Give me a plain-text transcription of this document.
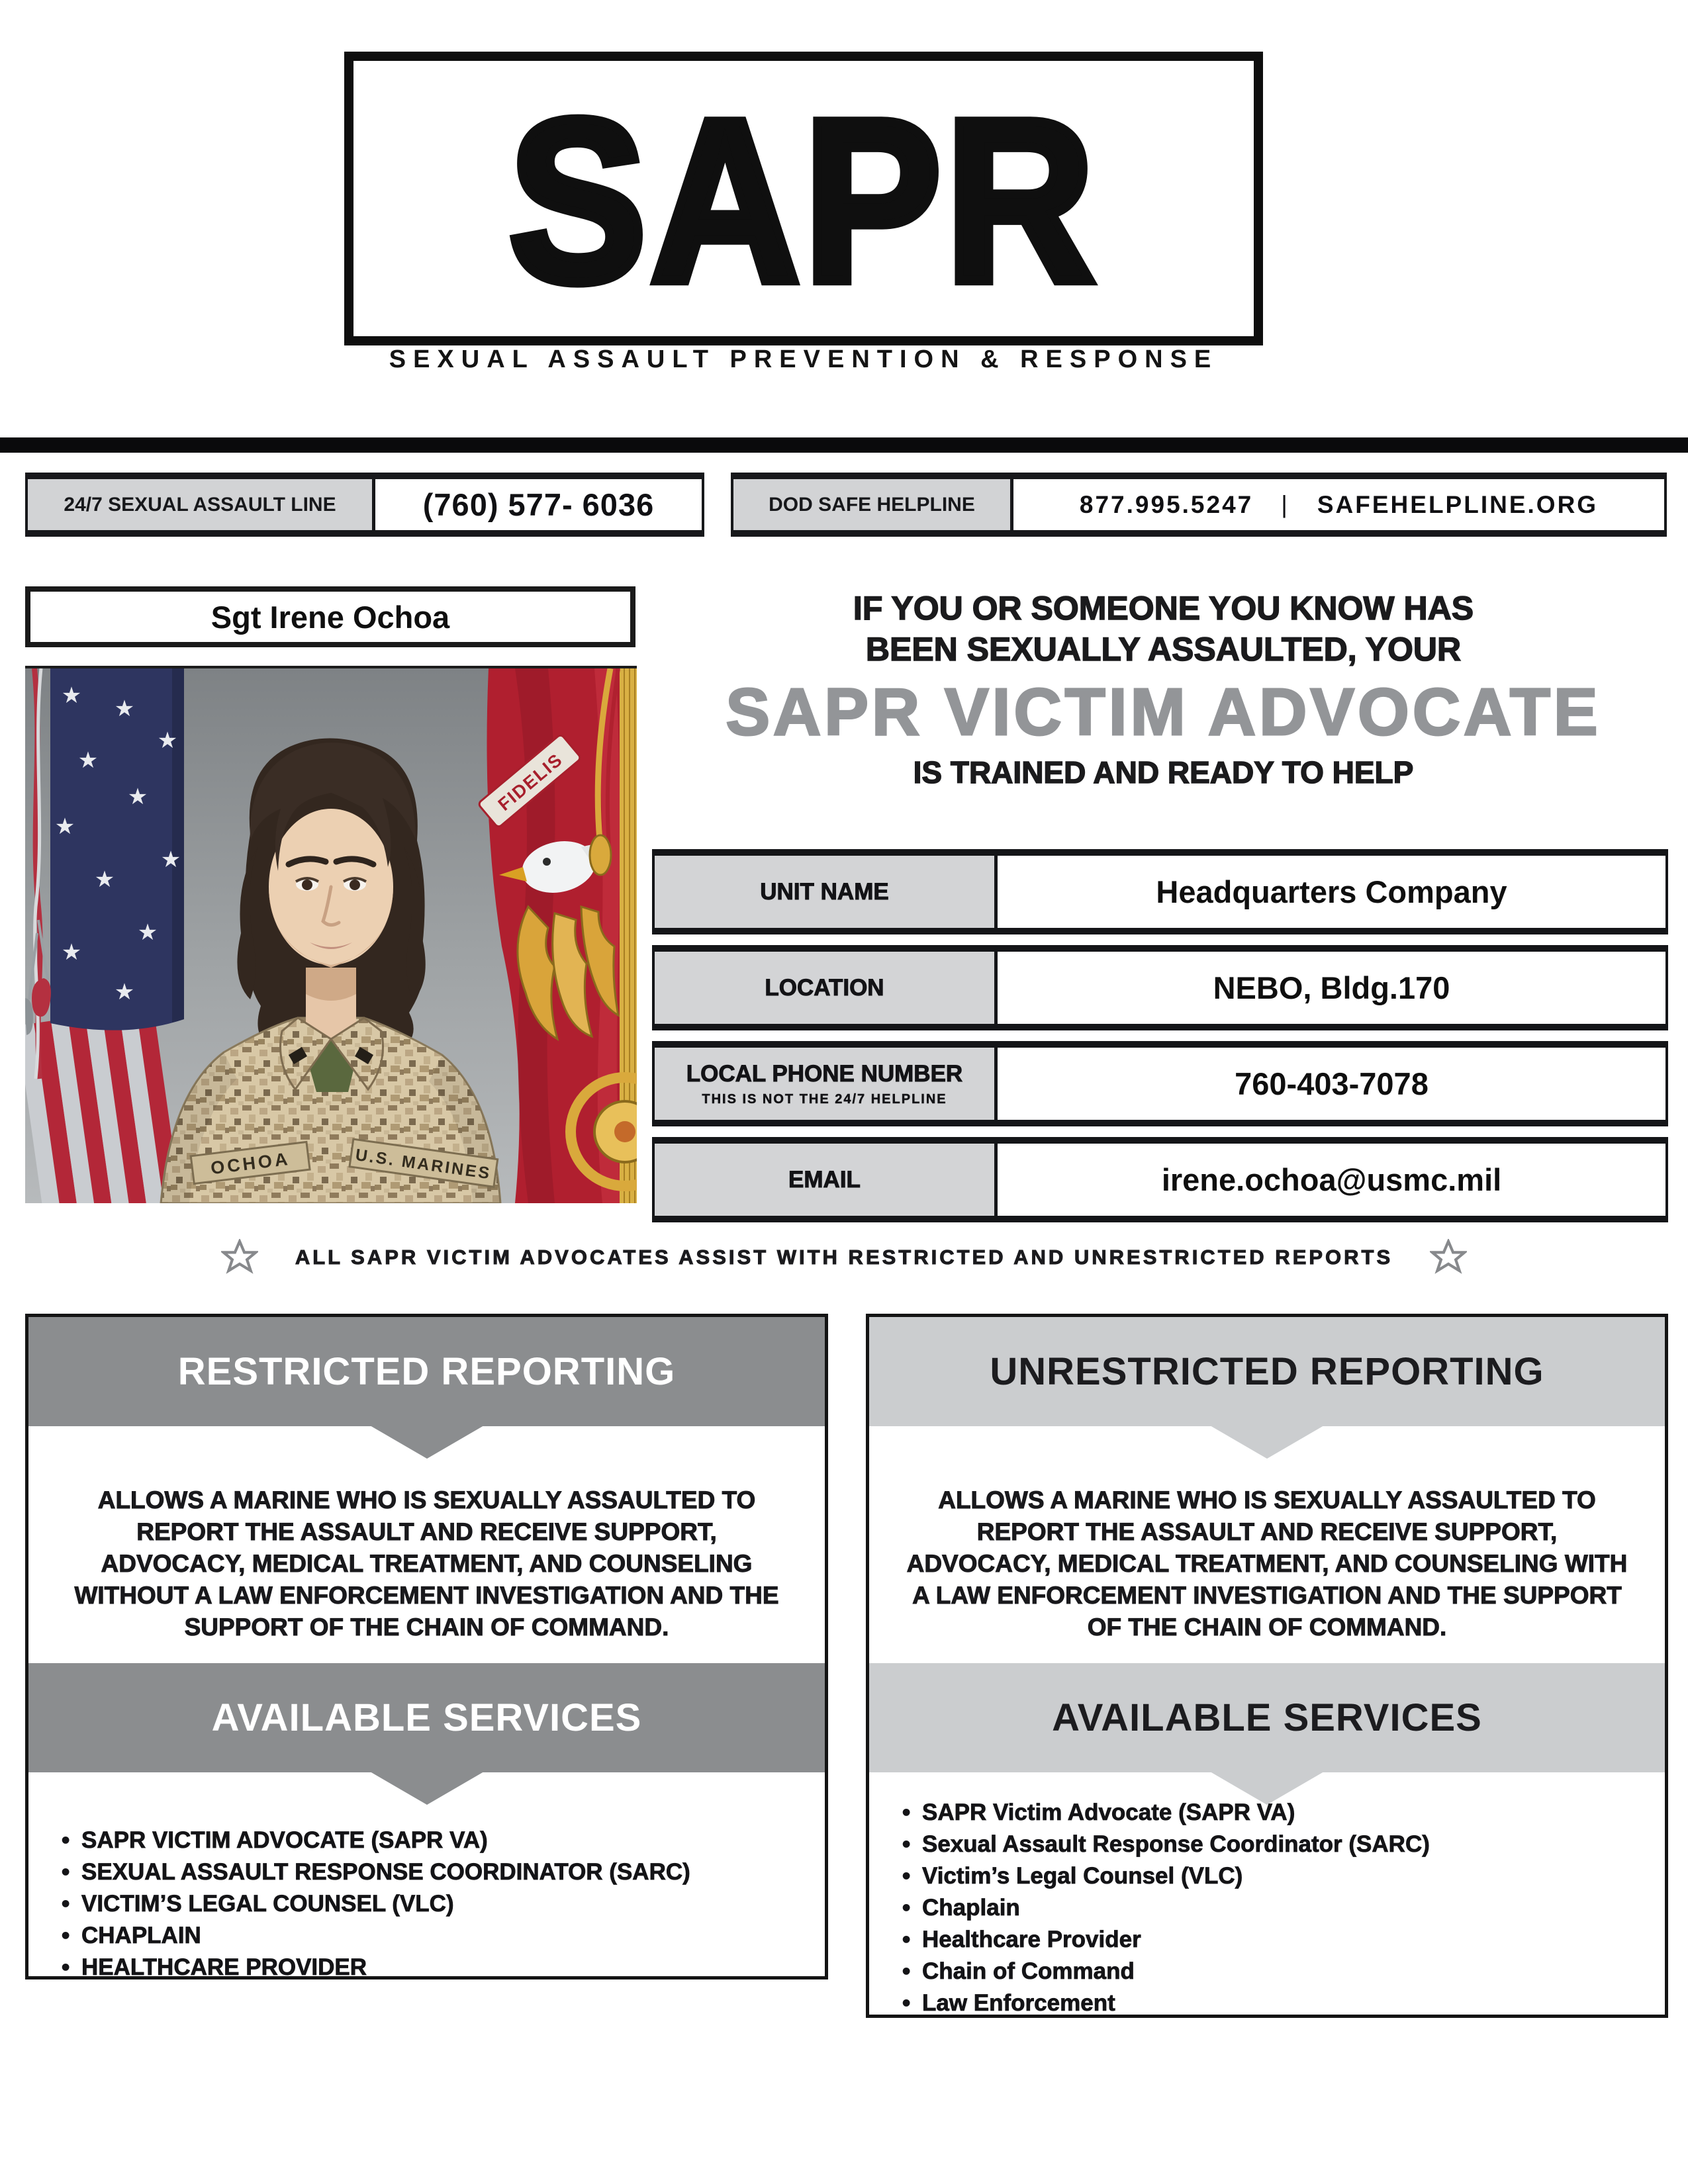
SAPR
SEXUAL ASSAULT PREVENTION & RESPONSE
24/7 SEXUAL ASSAULT LINE	(760) 577- 6036	DOD SAFE HELPLINE	877.995.5247 | SAFEHELPLINE.ORG
Sgt Irene Ochoa
★ ★
★
★
★
★
★
★
★
★
★
FIDELIS
OCHOA	U.S. MARINES
IF YOU OR SOMEONE YOU KNOW HAS
BEEN SEXUALLY ASSAULTED, YOUR
SAPR VICTIM ADVOCATE
IS TRAINED AND READY TO HELP
UNIT NAME	Headquarters Company
LOCATION	NEBO, Bldg.170
LOCAL PHONE NUMBER
THIS IS NOT THE 24/7 HELPLINE	760-403-7078
EMAIL	irene.ochoa@usmc.mil
ALL SAPR VICTIM ADVOCATES ASSIST WITH RESTRICTED AND UNRESTRICTED REPORTS
RESTRICTED REPORTING
ALLOWS A MARINE WHO IS SEXUALLY ASSAULTED TO REPORT THE ASSAULT AND RECEIVE SUPPORT, ADVOCACY, MEDICAL TREATMENT, AND COUNSELING WITHOUT A LAW ENFORCEMENT INVESTIGATION AND THE SUPPORT OF THE CHAIN OF COMMAND.
AVAILABLE SERVICES
• SAPR VICTIM ADVOCATE (SAPR VA)
• SEXUAL ASSAULT RESPONSE COORDINATOR (SARC)
• VICTIM’S LEGAL COUNSEL (VLC)
• CHAPLAIN
• HEALTHCARE PROVIDER
UNRESTRICTED REPORTING
ALLOWS A MARINE WHO IS SEXUALLY ASSAULTED TO REPORT THE ASSAULT AND RECEIVE SUPPORT, ADVOCACY, MEDICAL TREATMENT, AND COUNSELING WITH A LAW ENFORCEMENT INVESTIGATION AND THE SUPPORT OF THE CHAIN OF COMMAND.
AVAILABLE SERVICES
• SAPR Victim Advocate (SAPR VA)
• Sexual Assault Response Coordinator (SARC)
• Victim’s Legal Counsel (VLC)
• Chaplain
• Healthcare Provider
• Chain of Command
• Law Enforcement
